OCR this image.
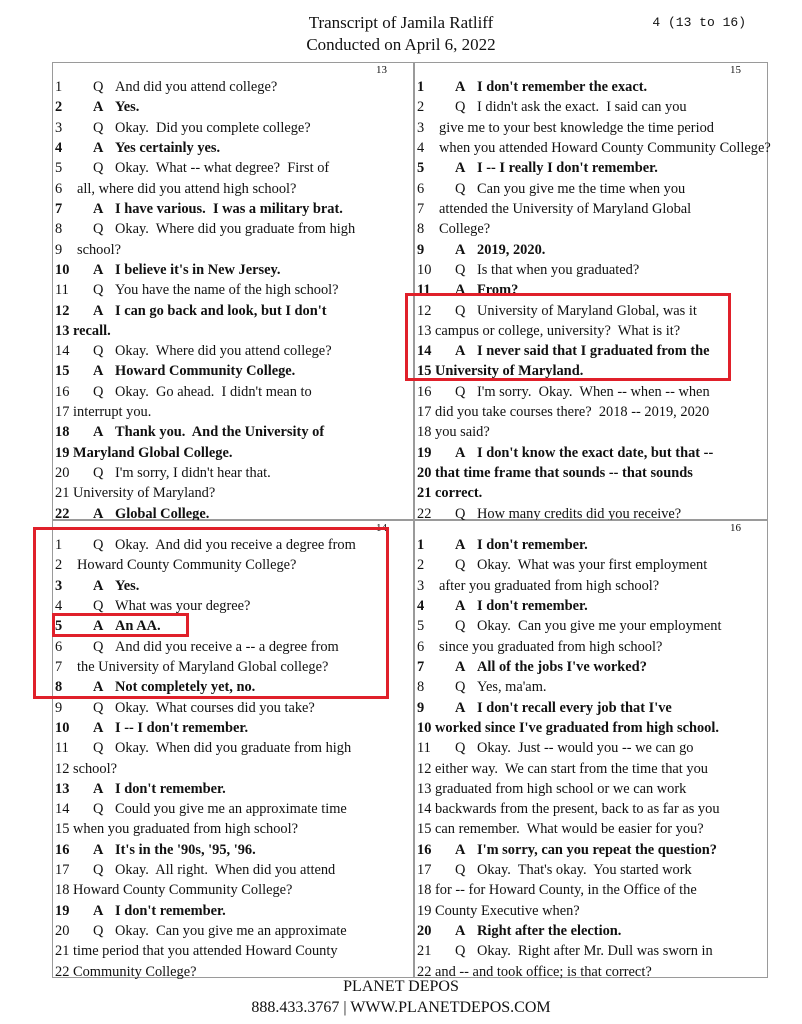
Transcript of Jamila Ratliff
Conducted on April 6, 2022
4 (13 to 16)
13
1 Q And did you attend college?
2 A Yes.
3 Q Okay.  Did you complete college?
4 A Yes certainly yes.
5 Q Okay.  What -- what degree?  First of
6 all, where did you attend high school?
7 A I have various.  I was a military brat.
8 Q Okay.  Where did you graduate from high
9 school?
10 A I believe it's in New Jersey.
11 Q You have the name of the high school?
12 A I can go back and look, but I don't
13 recall.
14 Q Okay.  Where did you attend college?
15 A Howard Community College.
16 Q Okay.  Go ahead.  I didn't mean to
17 interrupt you.
18 A Thank you.  And the University of
19 Maryland Global College.
20 Q I'm sorry, I didn't hear that.
21 University of Maryland?
22 A Global College.
15
1 A I don't remember the exact.
2 Q I didn't ask the exact.  I said can you
3 give me to your best knowledge the time period
4 when you attended Howard County Community College?
5 A I -- I really I don't remember.
6 Q Can you give me the time when you
7 attended the University of Maryland Global
8 College?
9 A 2019, 2020.
10 Q Is that when you graduated?
11 A From?
12 Q University of Maryland Global, was it
13 campus or college, university?  What is it?
14 A I never said that I graduated from the
15 University of Maryland.
16 Q I'm sorry.  Okay.  When -- when -- when
17 did you take courses there?  2018 -- 2019, 2020
18 you said?
19 A I don't know the exact date, but that --
20 that time frame that sounds -- that sounds
21 correct.
22 Q How many credits did you receive?
14
1 Q Okay.  And did you receive a degree from
2 Howard County Community College?
3 A Yes.
4 Q What was your degree?
5 A An AA.
6 Q And did you receive a -- a degree from
7 the University of Maryland Global college?
8 A Not completely yet, no.
9 Q Okay.  What courses did you take?
10 A I -- I don't remember.
11 Q Okay.  When did you graduate from high
12 school?
13 A I don't remember.
14 Q Could you give me an approximate time
15 when you graduated from high school?
16 A It's in the '90s, '95, '96.
17 Q Okay.  All right.  When did you attend
18 Howard County Community College?
19 A I don't remember.
20 Q Okay.  Can you give me an approximate
21 time period that you attended Howard County
22 Community College?
16
1 A I don't remember.
2 Q Okay.  What was your first employment
3 after you graduated from high school?
4 A I don't remember.
5 Q Okay.  Can you give me your employment
6 since you graduated from high school?
7 A All of the jobs I've worked?
8 Q Yes, ma'am.
9 A I don't recall every job that I've
10 worked since I've graduated from high school.
11 Q Okay.  Just -- would you -- we can go
12 either way.  We can start from the time that you
13 graduated from high school or we can work
14 backwards from the present, back to as far as you
15 can remember.  What would be easier for you?
16 A I'm sorry, can you repeat the question?
17 Q Okay.  That's okay.  You started work
18 for -- for Howard County, in the Office of the
19 County Executive when?
20 A Right after the election.
21 Q Okay.  Right after Mr. Dull was sworn in
22 and -- and took office; is that correct?
PLANET DEPOS
888.433.3767 | WWW.PLANETDEPOS.COM
